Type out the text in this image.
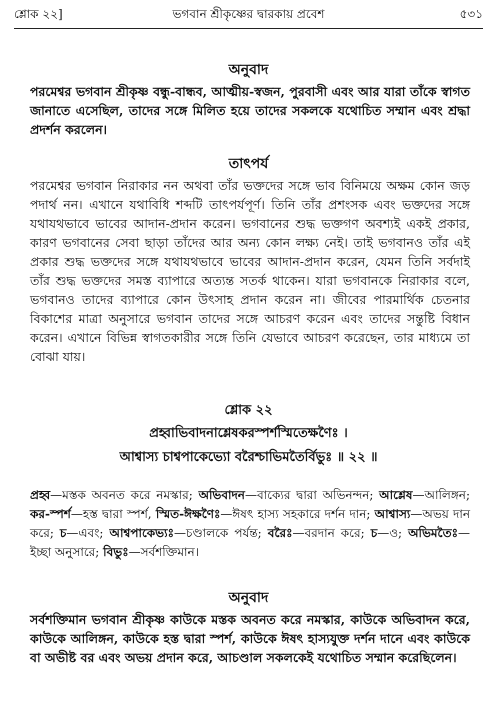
শ্লোক ২২]	ভগবান শ্রীকৃষ্ণের দ্বারকায় প্রবেশ	৫৩১
অনুবাদ
পরমেশ্বর ভগবান শ্রীকৃষ্ণ বন্ধু-বান্ধব, আত্মীয়-স্বজন, পুরবাসী এবং আর যারা তাঁকে স্বাগত জানাতে এসেছিল, তাদের সঙ্গে মিলিত হয়ে তাদের সকলকে যথোচিত সম্মান এবং শ্রদ্ধা প্রদর্শন করলেন।
তাৎপর্য
পরমেশ্বর ভগবান নিরাকার নন অথবা তাঁর ভক্তদের সঙ্গে ভাব বিনিময়ে অক্ষম কোন জড় পদার্থ নন। এখানে যথাবিধি শব্দটি তাৎপর্যপূর্ণ। তিনি তাঁর প্রশংসক এবং ভক্তদের সঙ্গে যথাযথভাবে ভাবের আদান-প্রদান করেন। ভগবানের শুদ্ধ ভক্তগণ অবশ্যই একই প্রকার, কারণ ভগবানের সেবা ছাড়া তাঁদের আর অন্য কোন লক্ষ্য নেই। তাই ভগবানও তাঁর এই প্রকার শুদ্ধ ভক্তদের সঙ্গে যথাযথভাবে ভাবের আদান-প্রদান করেন, যেমন তিনি সর্বদাই তাঁর শুদ্ধ ভক্তদের সমস্ত ব্যাপারে অত্যন্ত সতর্ক থাকেন। যারা ভগবানকে নিরাকার বলে, ভগবানও তাদের ব্যাপারে কোন উৎসাহ প্রদান করেন না। জীবের পারমার্থিক চেতনার বিকাশের মাত্রা অনুসারে ভগবান তাদের সঙ্গে আচরণ করেন এবং তাদের সন্তুষ্টি বিধান করেন। এখানে বিভিন্ন স্বাগতকারীর সঙ্গে তিনি যেভাবে আচরণ করেছেন, তার মাধ্যমে তা বোঝা যায়।
শ্লোক ২২
প্রহ্বাভিবাদনাশ্লেষকরস্পর্শস্মিতেক্ষণৈঃ ।
আশ্বাস্য চাশ্বপাকেভ্যো বরৈশ্চাভিমতৈর্বিভুঃ ॥ ২২ ॥
প্রহ্ব—মস্তক অবনত করে নমস্কার; অভিবাদন—বাক্যের দ্বারা অভিনন্দন; আশ্লেষ—আলিঙ্গন; কর-স্পর্শ—হস্ত দ্বারা স্পর্শ, স্মিত-ঈক্ষণৈঃ—ঈষৎ হাস্য সহকারে দর্শন দান; আশ্বাস্য—অভয় দান করে; চ—এবং; আশ্বপাকেভ্যঃ—চণ্ডালকে পর্যন্ত; বরৈঃ—বরদান করে; চ—ও; অভিমতৈঃ—ইচ্ছা অনুসারে; বিভুঃ—সর্বশক্তিমান।
অনুবাদ
সর্বশক্তিমান ভগবান শ্রীকৃষ্ণ কাউকে মস্তক অবনত করে নমস্কার, কাউকে অভিবাদন করে, কাউকে আলিঙ্গন, কাউকে হস্ত দ্বারা স্পর্শ, কাউকে ঈষৎ হাস্যযুক্ত দর্শন দানে এবং কাউকে বা অভীষ্ট বর এবং অভয় প্রদান করে, আচণ্ডাল সকলকেই যথোচিত সম্মান করেছিলেন।
